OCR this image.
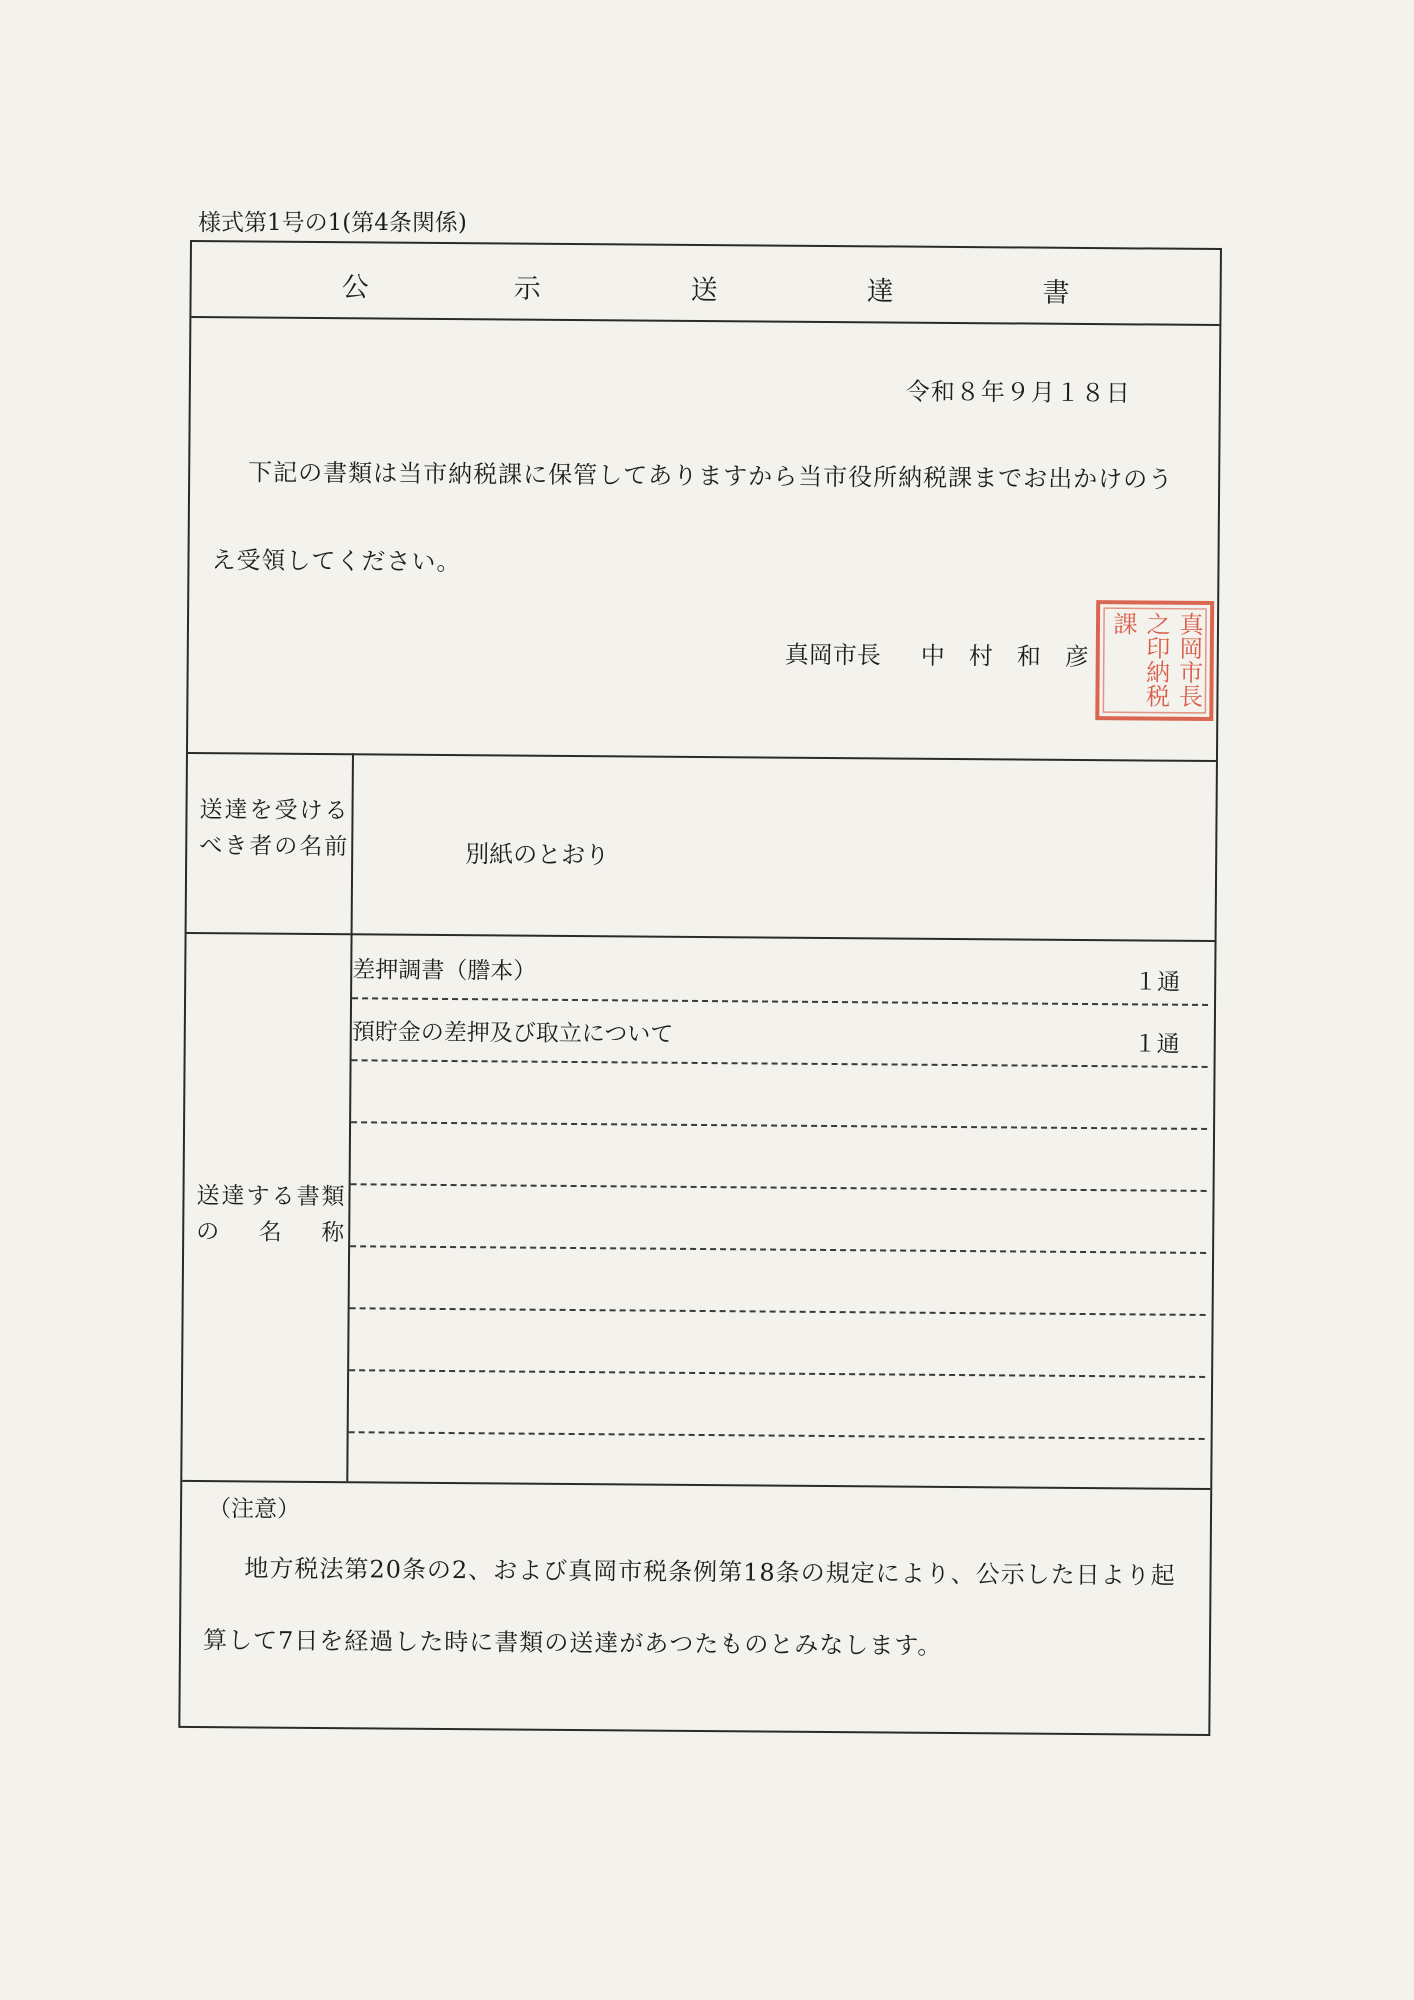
様式第1号の1(第4条関係)
公	示	送	達	書
令和８年９月１８日
下記の書類は当市納税課に保管してありますから当市役所納税課までお出かけのうえ受領してください。
真岡市長 中村和彦	真岡市長之印納税課
送達を受けるべき者の名前	別紙のとおり
送達する書類の名称
差押調書（謄本）	１通
預貯金の差押及び取立について	１通
（注意）
地方税法第20条の2、および真岡市税条例第18条の規定により、公示した日より起算して7日を経過した時に書類の送達があつたものとみなします。
